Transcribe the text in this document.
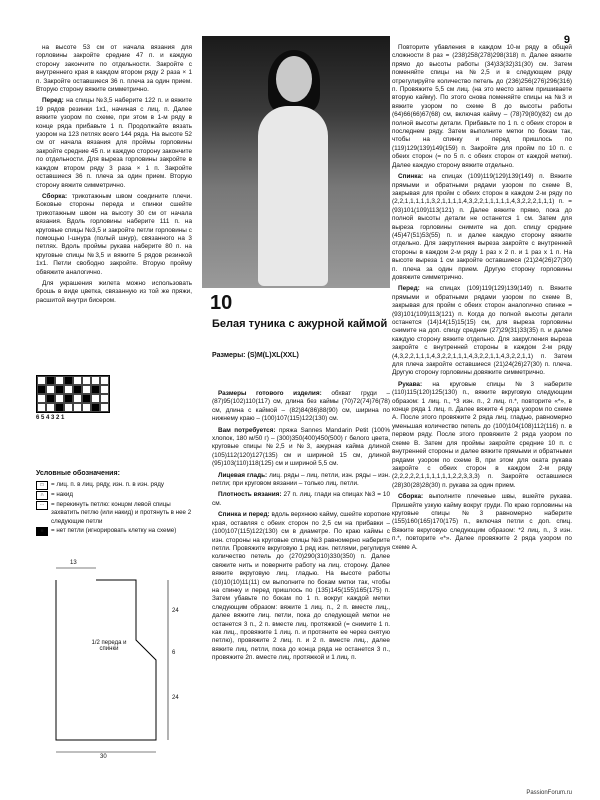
9

на высоте 53 см от начала вязания для горловины закройте средние 47 п. и каждую сторону закончите по отдельности. Закройте с внутреннего края в каждом втором ряду 2 раза × 1 п. Закройте оставшиеся 36 п. плеча за один прием. Вторую сторону вяжите симметрично.

Перед: на спицы №3,5 наберите 122 п. и вяжите 19 рядов резинки 1х1, начиная с лиц. п. Далее вяжите узором по схеме, при этом в 1-м ряду в конце ряда прибавьте 1 п. Продолжайте вязать узором на 123 петлях всего 144 ряда. На высоте 52 см от начала вязания для проймы горловины закройте средние 45 п. и каждую сторону закончите по отдельности. Для выреза горловины закройте в каждом втором ряду 3 раза × 1 п. Закройте оставшиеся 36 п. плеча за один прием. Вторую сторону вяжите симметрично.

Сборка: трикотажным швом соедините плечи. Боковые стороны переда и спинки сшейте трикотажным швом на высоту 30 см от начала вязания. Вдоль горловины наберите 111 п. на круговые спицы №3,5 и закройте петли горловины с помощью I-шнура (полый шнур), связанного на 3 петлях. Вдоль проймы рукава наберите 80 п. на круговые спицы №3,5 и вяжите 5 рядов резинкой 1х1. Петли свободно закройте. Вторую пройму обвяжите аналогично.

Для украшения жилета можно использовать брошь в виде цветка, связанную из той же пряжи, расшитой внутри бисером.

6 5 4 3 2 1
Условные обозначения:
□	= лиц. п. в лиц. ряду, изн. п. в изн. ряду
∩	= накид
⋯	= перекинуть петлю: концом левой спицы захватить петлю (или накид) и протянуть в нее 2 следующие петли
■	= нет петли (игнорировать клетку на схеме)
13
24
6
24
30
1/2 переда и спинки
10
Белая туника с ажурной каймой
Размеры: (S)M(L)XL(XXL)

Размеры готового изделия: обхват груди – (87)95(102)110(117) см, длина без каймы (70)72(74)76(78) см, длина с каймой – (82)84(86)88(90) см, ширина по нижнему краю – (100)107(115)122(130) см.

Вам потребуется: пряжа Sannes Mandarin Petit (100% хлопок, 180 м/50 г) – (300)350(400)450(500) г белого цвета, круговые спицы №2,5 и №3, ажурная кайма длиной (105)112(120)127(135) см и шириной 15 см, длиной (95)103(110)118(125) см и шириной 5,5 см.

Лицевая гладь: лиц. ряды – лиц. петли, изн. ряды – изн. петли; при круговом вязании – только лиц. петли.

Плотность вязания: 27 п. лиц. глади на спицах №3 = 10 см.

Спинка и перед: вдоль верхнюю кайму, сшейте короткие края, оставляя с обеих сторон по 2,5 см на прибавки – (100)107(115)122(130) см в диаметре. По краю каймы с изн. стороны на круговые спицы №3 равномерно наберите петли. Провяжите вкруговую 1 ряд изн. петлями, регулируя количество петель до (270)290(310)330(350) п. Далее свяжите нить и поверните работу на лиц. сторону. Далее вяжите вкруговую лиц. гладью. На высоте работы (10)10(10)11(11) см выполните по бокам метки так, чтобы на спинку и перед пришлось по (135)145(155)165(175) п. Затем убавьте по бокам по 1 п. вокруг каждой метки следующим образом: вяжите 1 лиц. п., 2 п. вместе лиц., далее вяжите лиц. петли, пока до следующей метки не останется 3 п., 2 п. вместе лиц. протяжкой (= снимите 1 п. как лиц., провяжите 1 лиц. п. и протяните ее через снятую петлю), провяжите 2 лиц. п. и 2 п. вместе лиц., далее вяжите лиц. петли, пока до конца ряда не останется 3 п., провяжите 2п. вместе лиц. протяжкой и 1 лиц. п.

Повторите убавления в каждом 10-м ряду в общей сложности 8 раз = (238)258(278)298(318) п. Далее вяжите прямо до высоты работы (34)33(32)31(30) см. Затем поменяйте спицы на №2,5 и в следующем ряду отрегулируйте количество петель до (236)256(276)296(316) п. Провяжите 5,5 см лиц. (на это место затем пришиваете вторую кайму). По этого снова поменяйте спицы на №3 и вяжите узором по схеме В до высоты работы (64)66(66)67(68) см, включая кайму – (78)79(80)(82) см до полной высоты детали. Прибавьте по 1 п. с обеих сторон в последнем ряду. Затем выполните метки по бокам так, чтобы на спинку и перед пришлось по (119)129(139)149(159) п. Закройте для пройм по 10 п. с обеих сторон (= по 5 п. с обеих сторон от каждой метки). Далее каждую сторону вяжите отдельно.

Спинка: на спицах (109)119(129)139(149) п. Вяжите прямыми и обратными рядами узором по схеме В, закрывая для пройм с обеих сторон в каждом 2-м ряду по (2,2,1,1,1,1,1,3,2,1,1,1,1,4,3,2,2,1,1,1,1,1,4,3,2,2,2,1,1,1) п. = (93)101(109)113(121) п. Далее вяжите прямо, пока до полной высоты детали не останется 1 см. Затем для выреза горловины снимите на доп. спицу средние (45)47(51)53(55) п. и далее каждую сторону вяжите отдельно. Для закругления выреза закройте с внутренней стороны в каждом 2-м ряду 1 раз х 2 п. и 1 раз х 1 п. На высоте выреза 1 см закройте оставшиеся (21)24(26)27(30) п. плеча за один прием. Другую сторону горловины довяжите симметрично.

Перед: на спицах (109)119(129)139(149) п. Вяжите прямыми и обратными рядами узором по схеме В, закрывая для пройм с обеих сторон аналогично спинке = (93)101(109)113(121) п. Когда до полной высоты детали останется (14)14(15)15(15) см, для выреза горловины снимите на доп. спицу средние (27)29(31)33(35) п. и далее каждую сторону вяжите отдельно. Для закругления выреза закройте с внутренней стороны в каждом 2-м ряду (4,3,2,2,1,1,1,4,3,2,2,1,1,1,4,3,2,2,1,1,4,3,2,2,1,1) п. Затем для плеча закройте оставшиеся (21)24(26)27(30) п. плеча. Другую сторону горловины довяжите симметрично.

Рукава: на круговые спицы №3 наберите (110)115(120)125(130) п., вяжите вкруговую следующим образом: 1 лиц. п., *3 изн. п., 2 лиц. п.*, повторите «*», в конце ряда 1 лиц. п. Далее вяжите 4 ряда узором по схеме А. После этого провяжите 2 ряда лиц. гладью, равномерно уменьшая количество петель до (100)104(108)112(116) п. в первом ряду. После этого провяжите 2 ряда узором по схеме В. Затем для проймы закройте средние 10 п. с внутренней стороны и далее вяжите прямыми и обратными рядами узором по схеме В, при этом для оката рукава закройте с обеих сторон в каждом 2-м ряду (2,2,2,2,2,1,1,1,1,1,1,2,2,3,3,3) п. Закройте оставшиеся (28)30(28)28(30) п. рукава за один прием.

Сборка: выполните плечевые швы, вшейте рукава. Пришейте узкую кайму вокруг груди. По краю горловины на круговые спицы №3 равномерно наберите (155)160(165)170(175) п., включая петли с доп. спиц. Вяжите вкруговую следующим образом: *2 лиц. п., 3 изн. п.*, повторите «*». Далее провяжите 2 ряда узором по схеме А.

PassionForum.ru
